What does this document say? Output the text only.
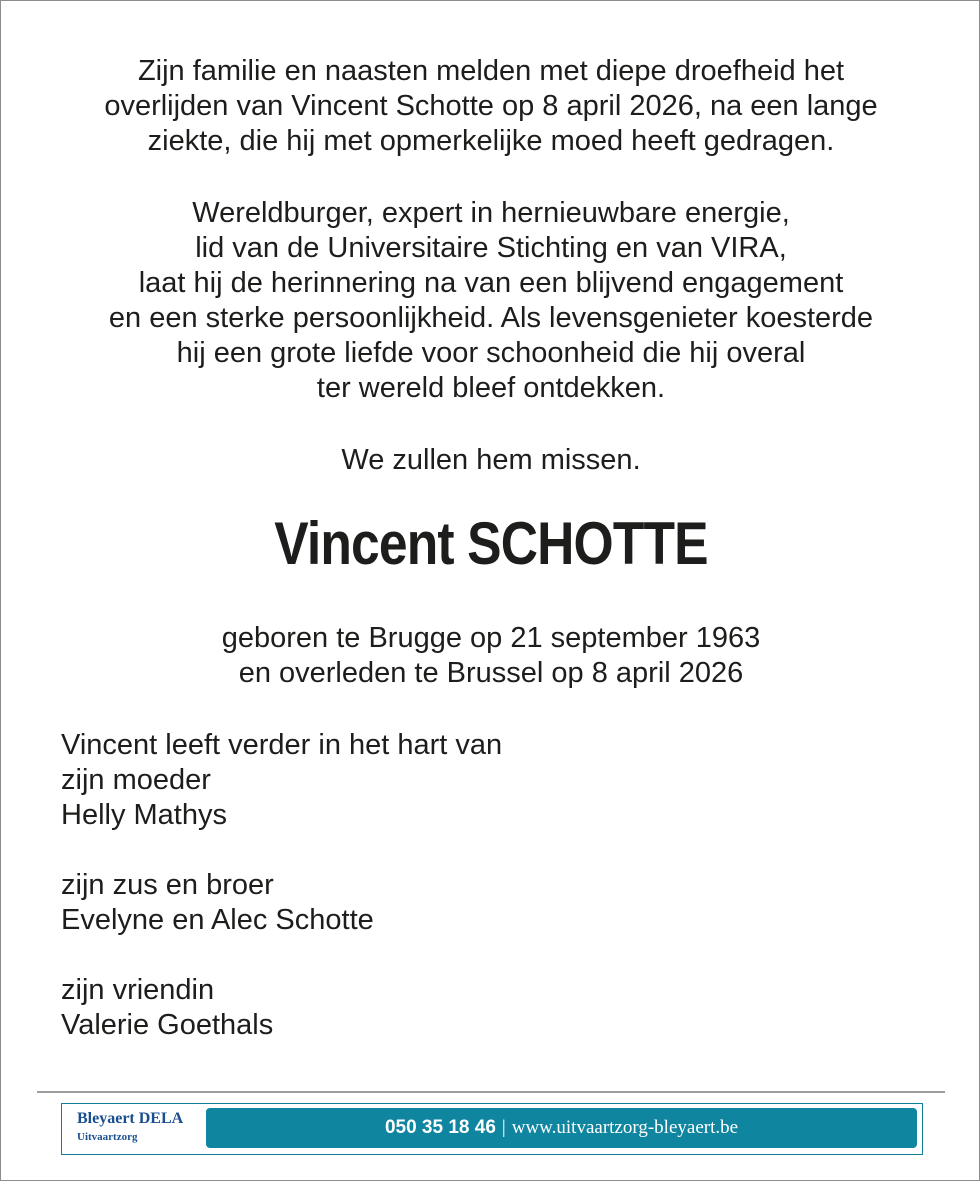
Zijn familie en naasten melden met diepe droefheid het

overlijden van Vincent Schotte op 8 april 2026, na een lange

ziekte, die hij met opmerkelijke moed heeft gedragen.

Wereldburger, expert in hernieuwbare energie,

lid van de Universitaire Stichting en van VIRA,

laat hij de herinnering na van een blijvend engagement

en een sterke persoonlijkheid. Als levensgenieter koesterde

hij een grote liefde voor schoonheid die hij overal

ter wereld bleef ontdekken.

We zullen hem missen.

Vincent SCHOTTE
geboren te Brugge op 21 september 1963
en overleden te Brussel op 8 april 2026
Vincent leeft verder in het hart van
zijn moeder
Helly Mathys
zijn zus en broer
Evelyne en Alec Schotte
zijn vriendin
Valerie Goethals
Bleyaert DELA
Uitvaartzorg	050 35 18 46 | www.uitvaartzorg-bleyaert.be
